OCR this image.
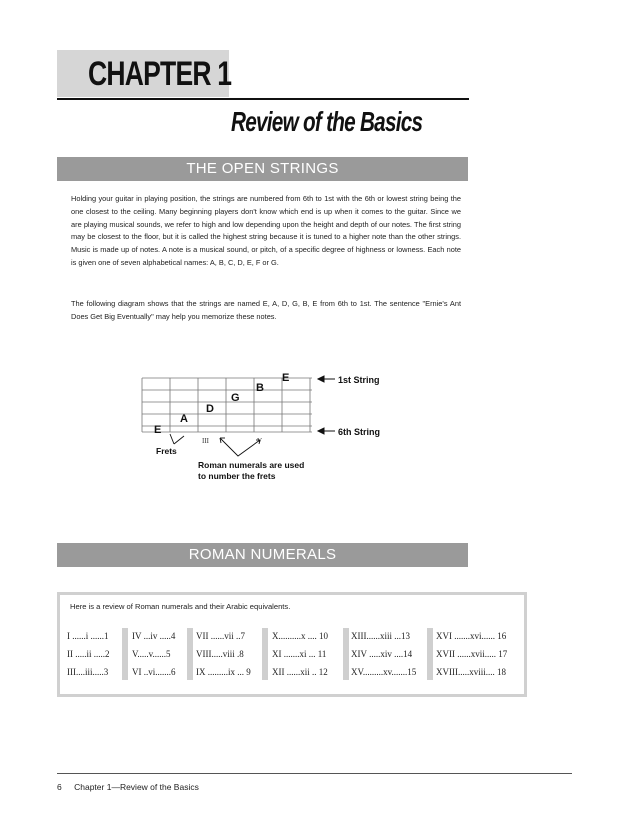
CHAPTER 1
Review of the Basics
THE OPEN STRINGS
Holding your guitar in playing position, the strings are numbered from 6th to 1st with the 6th or lowest string being the one closest to the ceiling. Many beginning players don't know which end is up when it comes to the guitar. Since we are playing musical sounds, we refer to high and low depending upon the height and depth of our notes. The first string may be closest to the floor, but it is called the highest string because it is tuned to a higher note than the other strings. Music is made up of notes. A note is a musical sound, or pitch, of a specific degree of highness or lowness. Each note is given one of seven alphabetical names: A, B, C, D, E, F or G.
The following diagram shows that the strings are named E, A, D, G, B, E from 6th to 1st. The sentence "Ernie's Ant Does Get Big Eventually" may help you memorize these notes.
E
A
D
G
B
E	1st String
6th String
Frets
III	V
Roman numerals are used
to number the frets
ROMAN NUMERALS
Here is a review of Roman numerals and their Arabic equivalents.
I ......i ......1
II .....ii .....2
III....iii.....3
IV ...iv .....4
V.....v......5
VI ..vi.......6
VII ......vii ..7
VIII.....viii .8
IX .........ix ... 9
X..........x .... 10
XI .......xi ... 11
XII ......xii .. 12
XIII......xiii ...13
XIV .....xiv ....14
XV.........xv.......15
XVI .......xvi...... 16
XVII ......xvii..... 17
XVIII.....xviii.... 18
6 Chapter 1—Review of the Basics
